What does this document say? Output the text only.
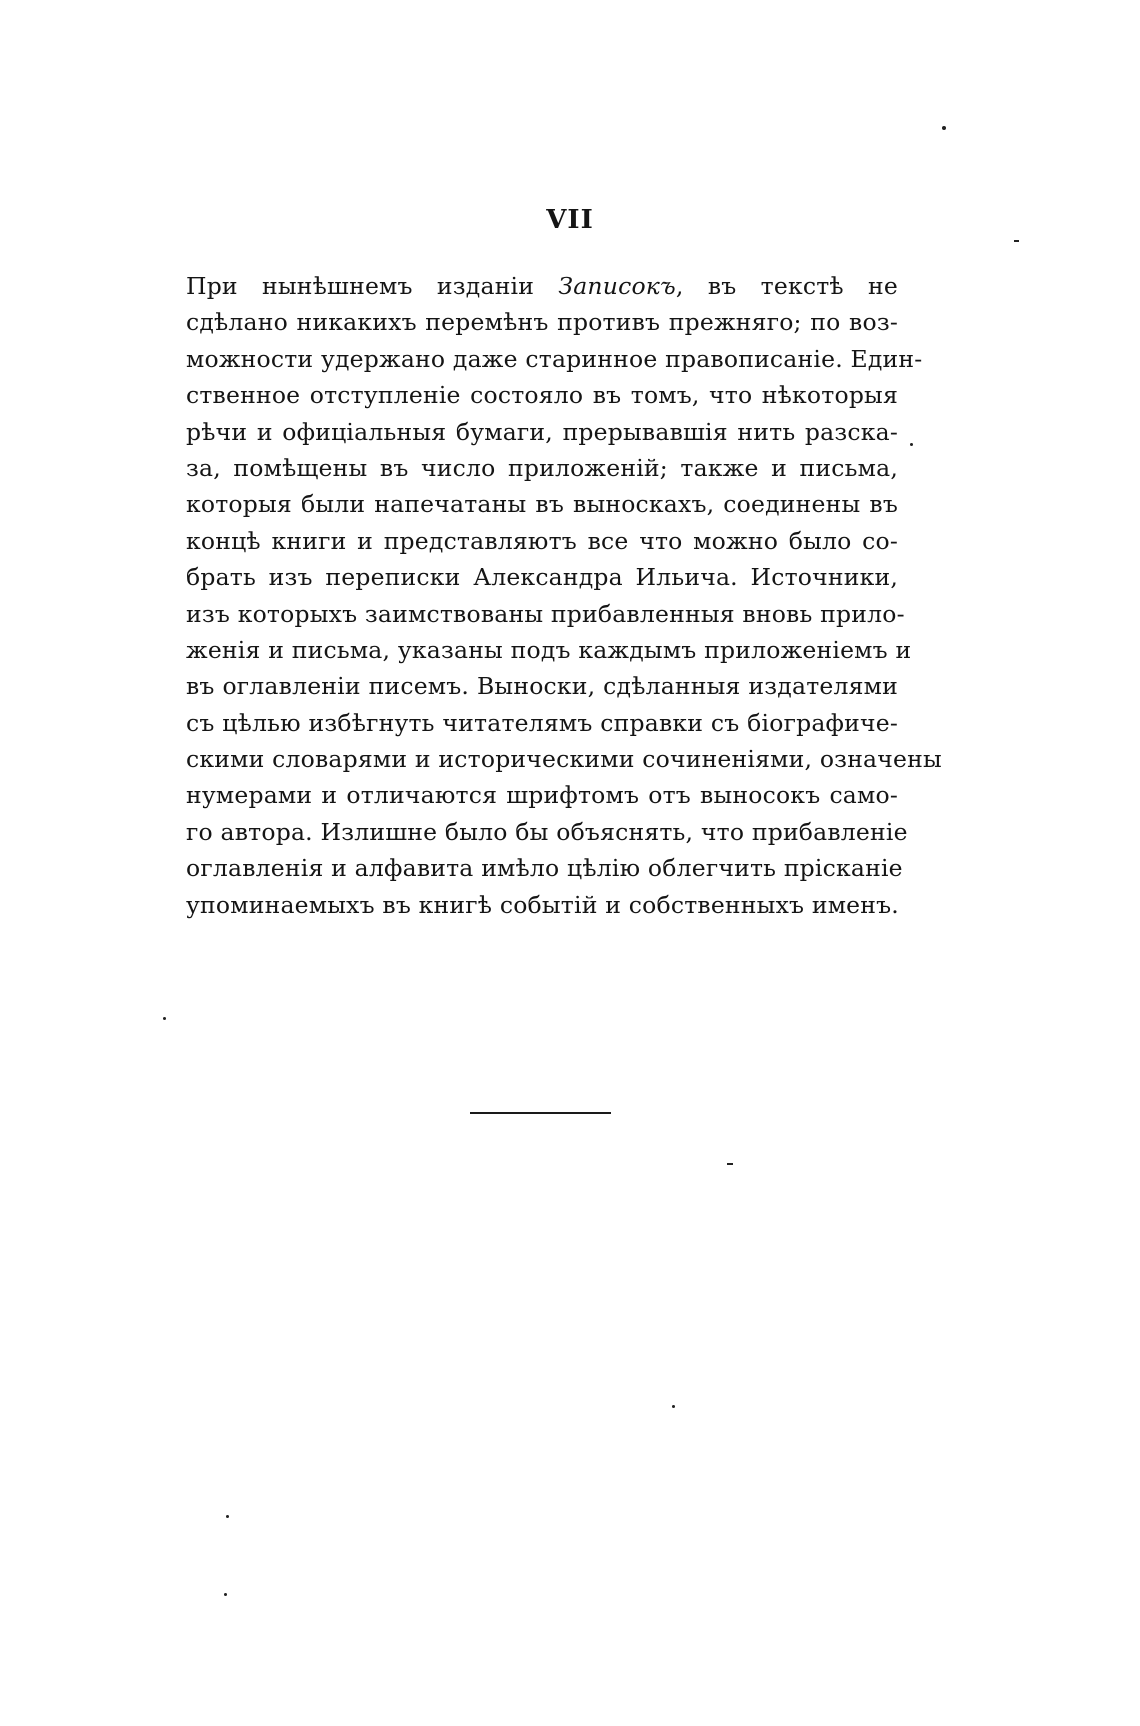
VII
При нынѣшнемъ изданіи Записокъ, въ текстѣ не
сдѣлано никакихъ перемѣнъ противъ прежняго; по воз-
можности удержано даже старинное правописаніе. Един-
ственное отступленіе состояло въ томъ, что нѣкоторыя
рѣчи и офиціальныя бумаги, прерывавшія нить разска-
за, помѣщены въ число приложеній; также и письма,
которыя были напечатаны въ выноскахъ, соединены въ
концѣ книги и представляютъ все что можно было со-
брать изъ переписки Александра Ильича. Источники,
изъ которыхъ заимствованы прибавленныя вновь прило-
женія и письма, указаны подъ каждымъ приложеніемъ и
въ оглавленіи писемъ. Выноски, сдѣланныя издателями
съ цѣлью избѣгнуть читателямъ справки съ біографиче-
скими словарями и историческими сочиненіями, означены
нумерами и отличаются шрифтомъ отъ выносокъ само-
го автора. Излишне было бы объяснять, что прибавленіе
оглавленія и алфавита имѣло цѣлію облегчить прісканіе
упоминаемыхъ въ книгѣ событій и собственныхъ именъ.
